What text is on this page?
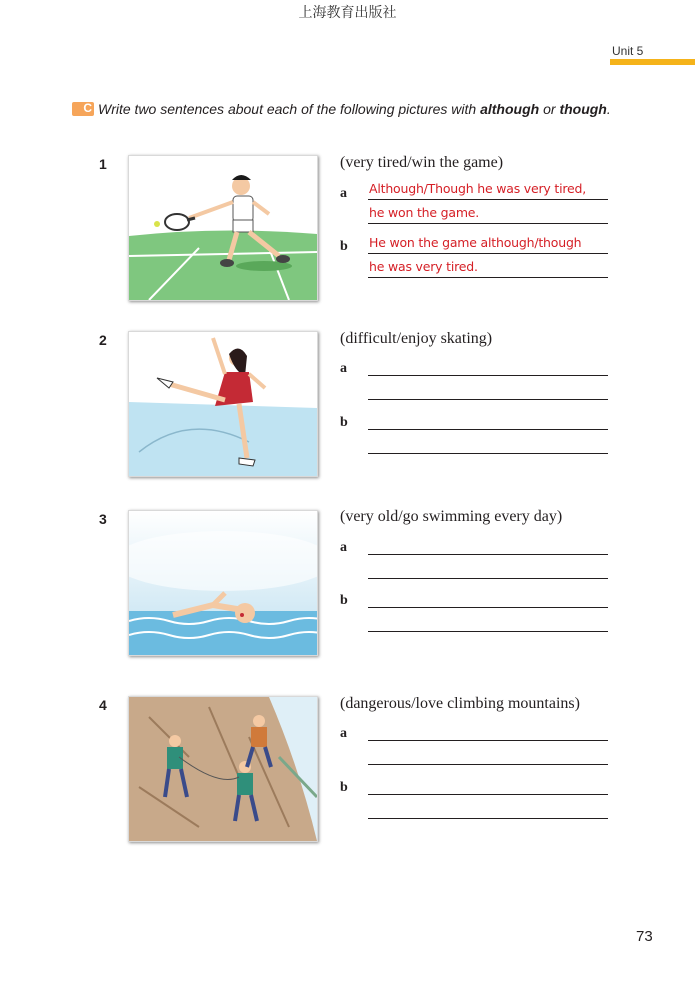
上海教育出版社
Unit 5
C Write two sentences about each of the following pictures with although or though.
1	(very tired/win the game)
a Although/Though he was very tired,
he won the game.
b He won the game although/though
he was very tired.
2	(difficult/enjoy skating)
a
b
3	(very old/go swimming every day)
a
b
4	(dangerous/love climbing mountains)
a
b
73
